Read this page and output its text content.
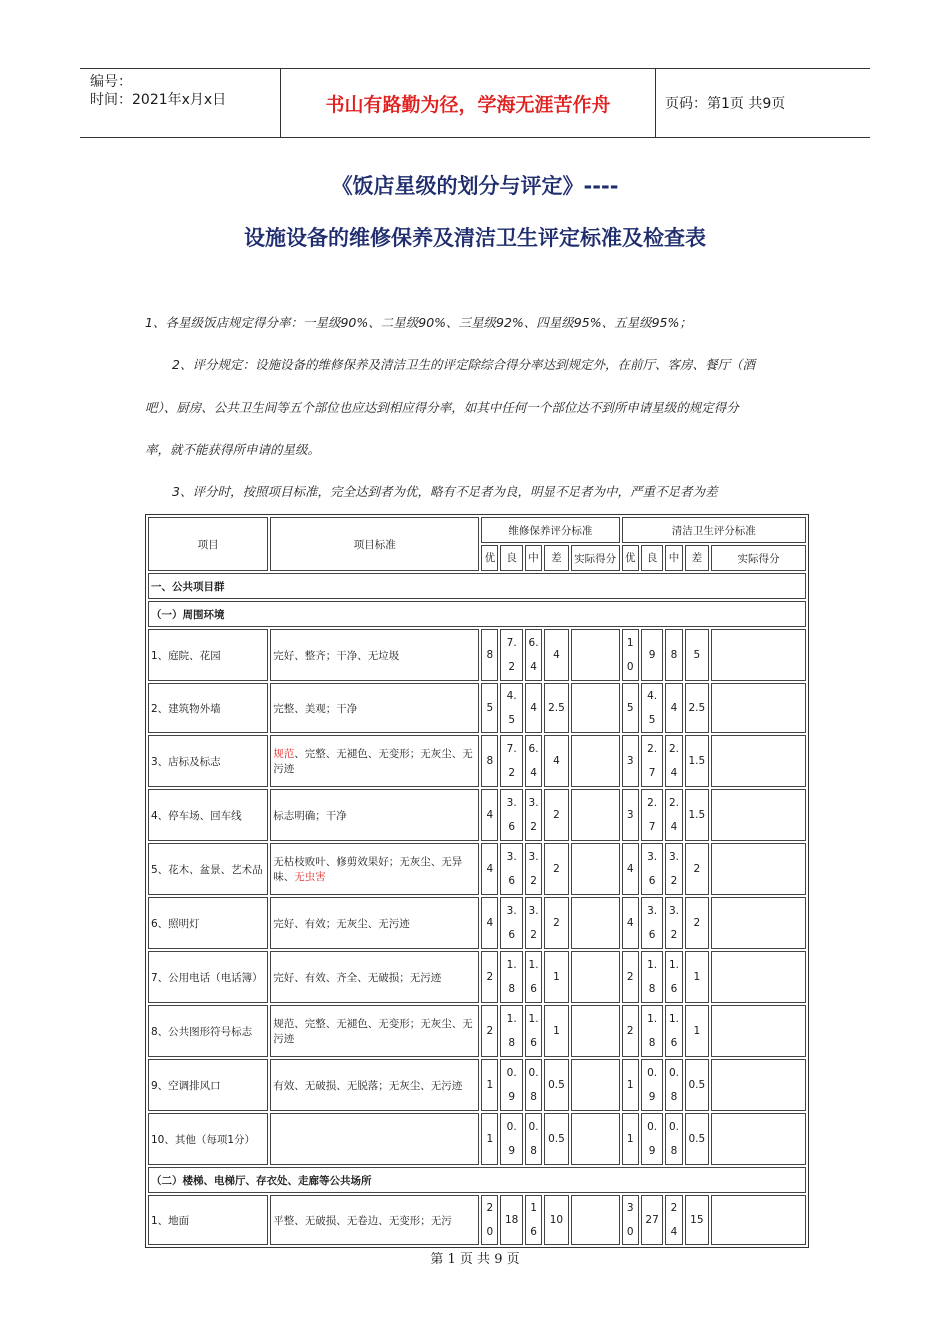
编号：
时间：2021年x月x日	书山有路勤为径，学海无涯苦作舟	页码：第1页 共9页
《饭店星级的划分与评定》----
设施设备的维修保养及清洁卫生评定标准及检查表
1、各星级饭店规定得分率：一星级90%、二星级90%、三星级92%、四星级95%、五星级95%；
2、评分规定：设施设备的维修保养及清洁卫生的评定除综合得分率达到规定外，在前厅、客房、餐厅（酒
吧）、厨房、公共卫生间等五个部位也应达到相应得分率，如其中任何一个部位达不到所申请星级的规定得分
率，就不能获得所申请的星级。
3、评分时，按照项目标准，完全达到者为优，略有不足者为良，明显不足者为中，严重不足者为差
项目	项目标准	维修保养评分标准					清洁卫生评分标准				
		优	良	中	差	实际得分	优	良	中	差	实际得分
一、公共项目群											
（一）周围环境											
1、庭院、花园	完好、整齐；干净、无垃圾	8	7.2	6.4	4		10	9	8	5	
2、建筑物外墙	完整、美观；干净	5	4.5	4	2.5		5	4.5	4	2.5	
3、店标及标志	规范、完整、无褪色、无变形；无灰尘、无污迹	8	7.2	6.4	4		3	2.7	2.4	1.5	
4、停车场、回车线	标志明确；干净	4	3.6	3.2	2		3	2.7	2.4	1.5	
5、花木、盆景、艺术品	无枯枝败叶、修剪效果好；无灰尘、无异味、无虫害	4	3.6	3.2	2		4	3.6	3.2	2	
6、照明灯	完好、有效；无灰尘、无污迹	4	3.6	3.2	2		4	3.6	3.2	2	
7、公用电话（电话簿）	完好、有效、齐全、无破损；无污迹	2	1.8	1.6	1		2	1.8	1.6	1	
8、公共图形符号标志	规范、完整、无褪色、无变形；无灰尘、无污迹	2	1.8	1.6	1		2	1.8	1.6	1	
9、空调排风口	有效、无破损、无脱落；无灰尘、无污迹	1	0.9	0.8	0.5		1	0.9	0.8	0.5	
10、其他（每项1分）		1	0.9	0.8	0.5		1	0.9	0.8	0.5	
（二）楼梯、电梯厅、存衣处、走廊等公共场所											
1、地面	平整、无破损、无卷边、无变形；无污	20	18	16	10		30	27	24	15	
第 1 页 共 9 页
